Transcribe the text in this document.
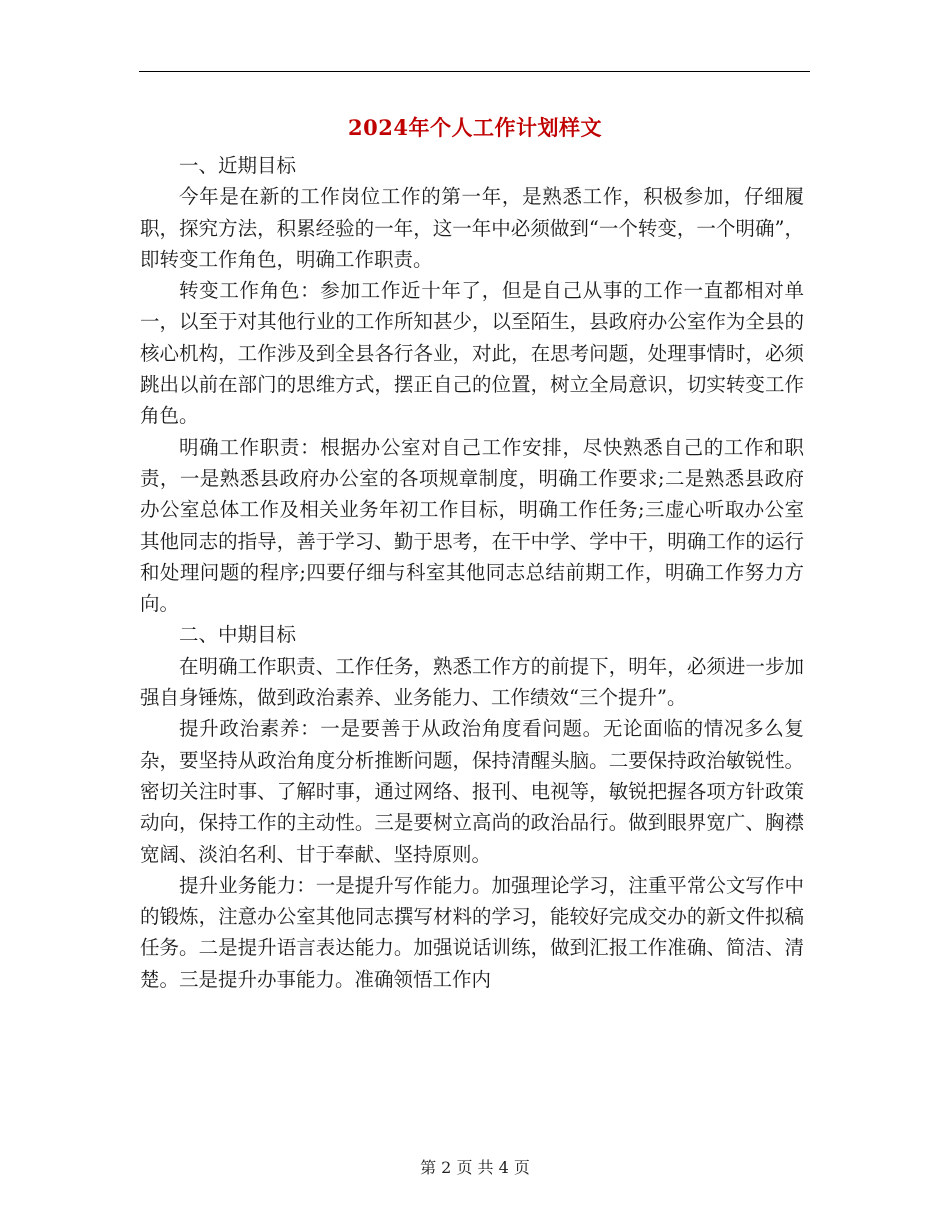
2024年个人工作计划样文

一、近期目标

今年是在新的工作岗位工作的第一年，是熟悉工作，积极参加，仔细履职，探究方法，积累经验的一年，这一年中必须做到“一个转变，一个明确”，即转变工作角色，明确工作职责。

转变工作角色：参加工作近十年了，但是自己从事的工作一直都相对单一，以至于对其他行业的工作所知甚少，以至陌生，县政府办公室作为全县的核心机构，工作涉及到全县各行各业，对此，在思考问题，处理事情时，必须跳出以前在部门的思维方式，摆正自己的位置，树立全局意识，切实转变工作角色。

明确工作职责：根据办公室对自己工作安排，尽快熟悉自己的工作和职责，一是熟悉县政府办公室的各项规章制度，明确工作要求;二是熟悉县政府办公室总体工作及相关业务年初工作目标，明确工作任务;三虚心听取办公室其他同志的指导，善于学习、勤于思考，在干中学、学中干，明确工作的运行和处理问题的程序;四要仔细与科室其他同志总结前期工作，明确工作努力方向。

二、中期目标

在明确工作职责、工作任务，熟悉工作方的前提下，明年，必须进一步加强自身锤炼，做到政治素养、业务能力、工作绩效“三个提升”。

提升政治素养：一是要善于从政治角度看问题。无论面临的情况多么复杂，要坚持从政治角度分析推断问题，保持清醒头脑。二要保持政治敏锐性。密切关注时事、了解时事，通过网络、报刊、电视等，敏锐把握各项方针政策动向，保持工作的主动性。三是要树立高尚的政治品行。做到眼界宽广、胸襟宽阔、淡泊名利、甘于奉献、坚持原则。

提升业务能力：一是提升写作能力。加强理论学习，注重平常公文写作中的锻炼，注意办公室其他同志撰写材料的学习，能较好完成交办的新文件拟稿任务。二是提升语言表达能力。加强说话训练，做到汇报工作准确、简洁、清楚。三是提升办事能力。准确领悟工作内

第 2 页 共 4 页
